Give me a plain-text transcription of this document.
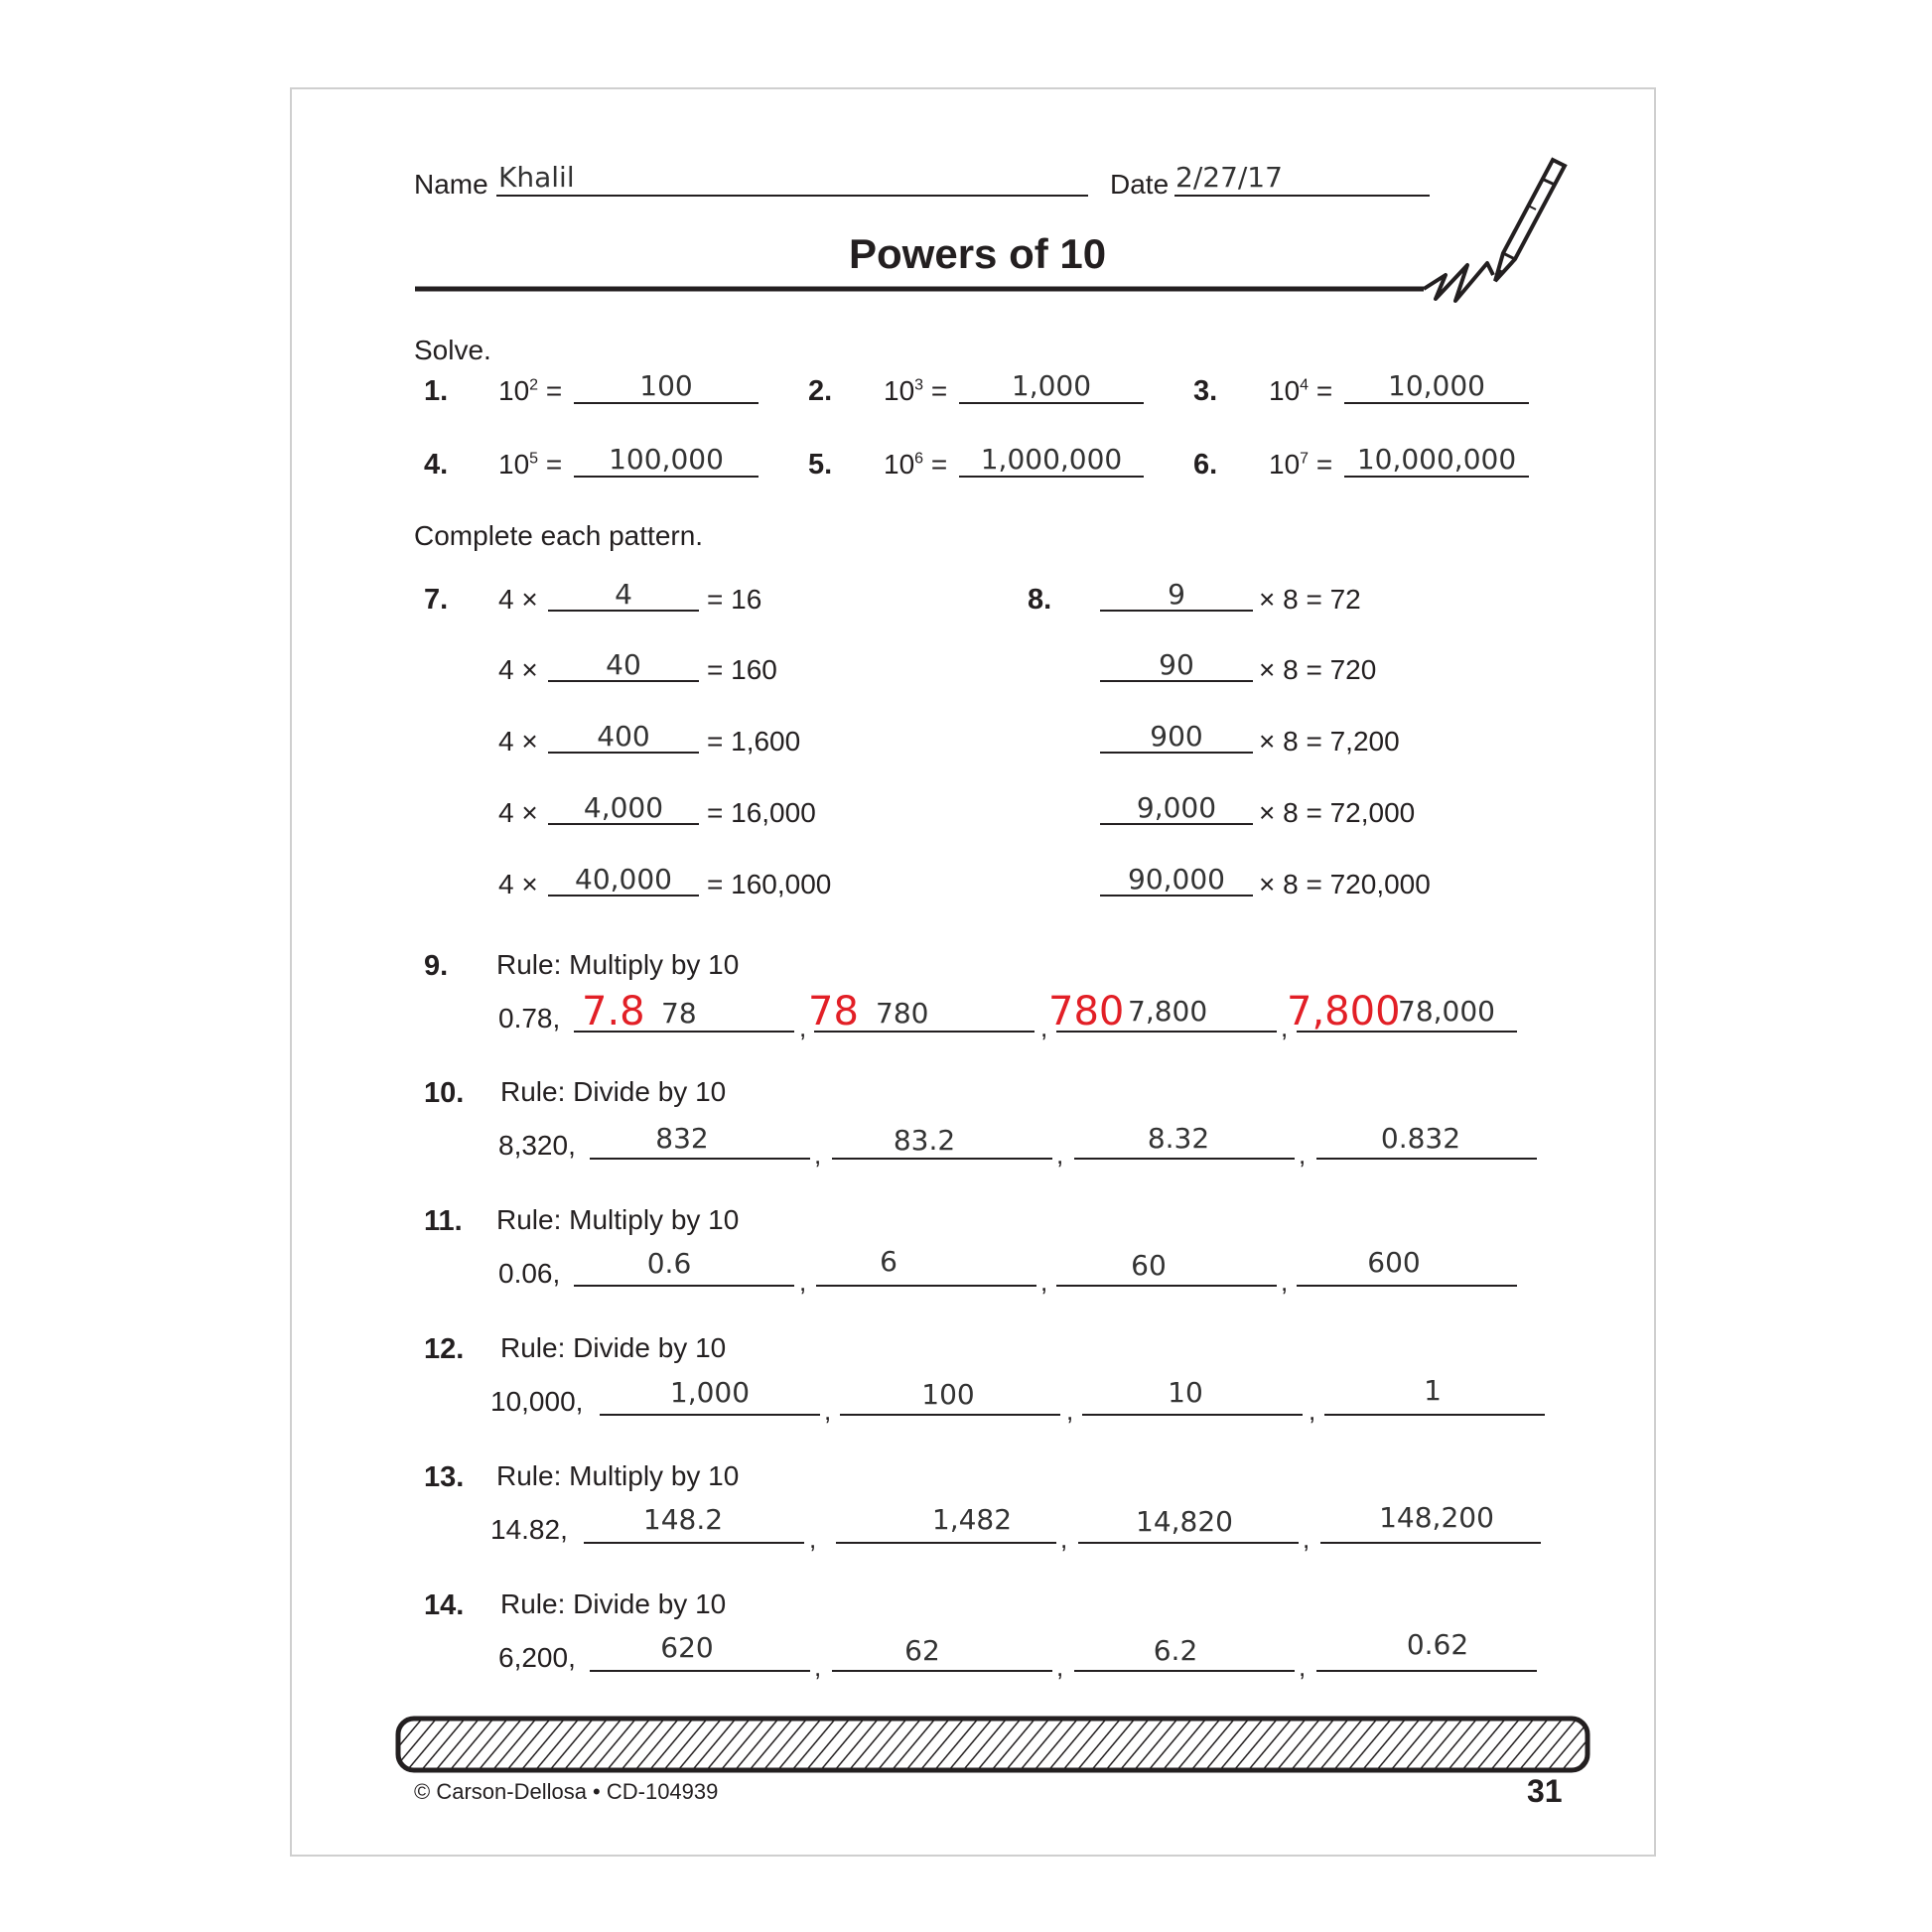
Name Khalil	Date 2/27/17
Powers of 10
Solve.
1. $10^2$ =	100	2. $10^3$ =	1,000	3. $10^4$ =	10,000
4. $10^5$ =	100,000	5. $10^6$ =	1,000,000	6. $10^7 = 10,000,000$
Complete each pattern.
7. 4 ×	4	= 16
4 ×	40	= 160
4 ×	400	= 1,600
4 ×	4,000	= 16,000
4 ×	40,000	= 160,000
8.	9	× 8 = 72
90	× 8 = 720
900	× 8 = 7,200
9,000	× 8 = 72,000
90,000	× 8 = 720,000
9. Rule: Multiply by 10
0.78, 7.8 78	, 78 780	, 780 7,800	,
7,800
78,000
10. Rule: Divide by 10
8,320,	832	,	83.2	,	8.32	,	0.832
11. Rule: Multiply by 10
0.06,	0.6
,
6
,	60	,
600
12. Rule: Divide by 10
10,000,	1,000
,	100	,
10
,
1
13. Rule: Multiply by 10
14.82,	148.2
,
1,482
,
14,820
,
148,200
14. Rule: Divide by 10
6,200,	620
,	62	,	6.2	,
0.62
© Carson-Dellosa • CD-104939	31
